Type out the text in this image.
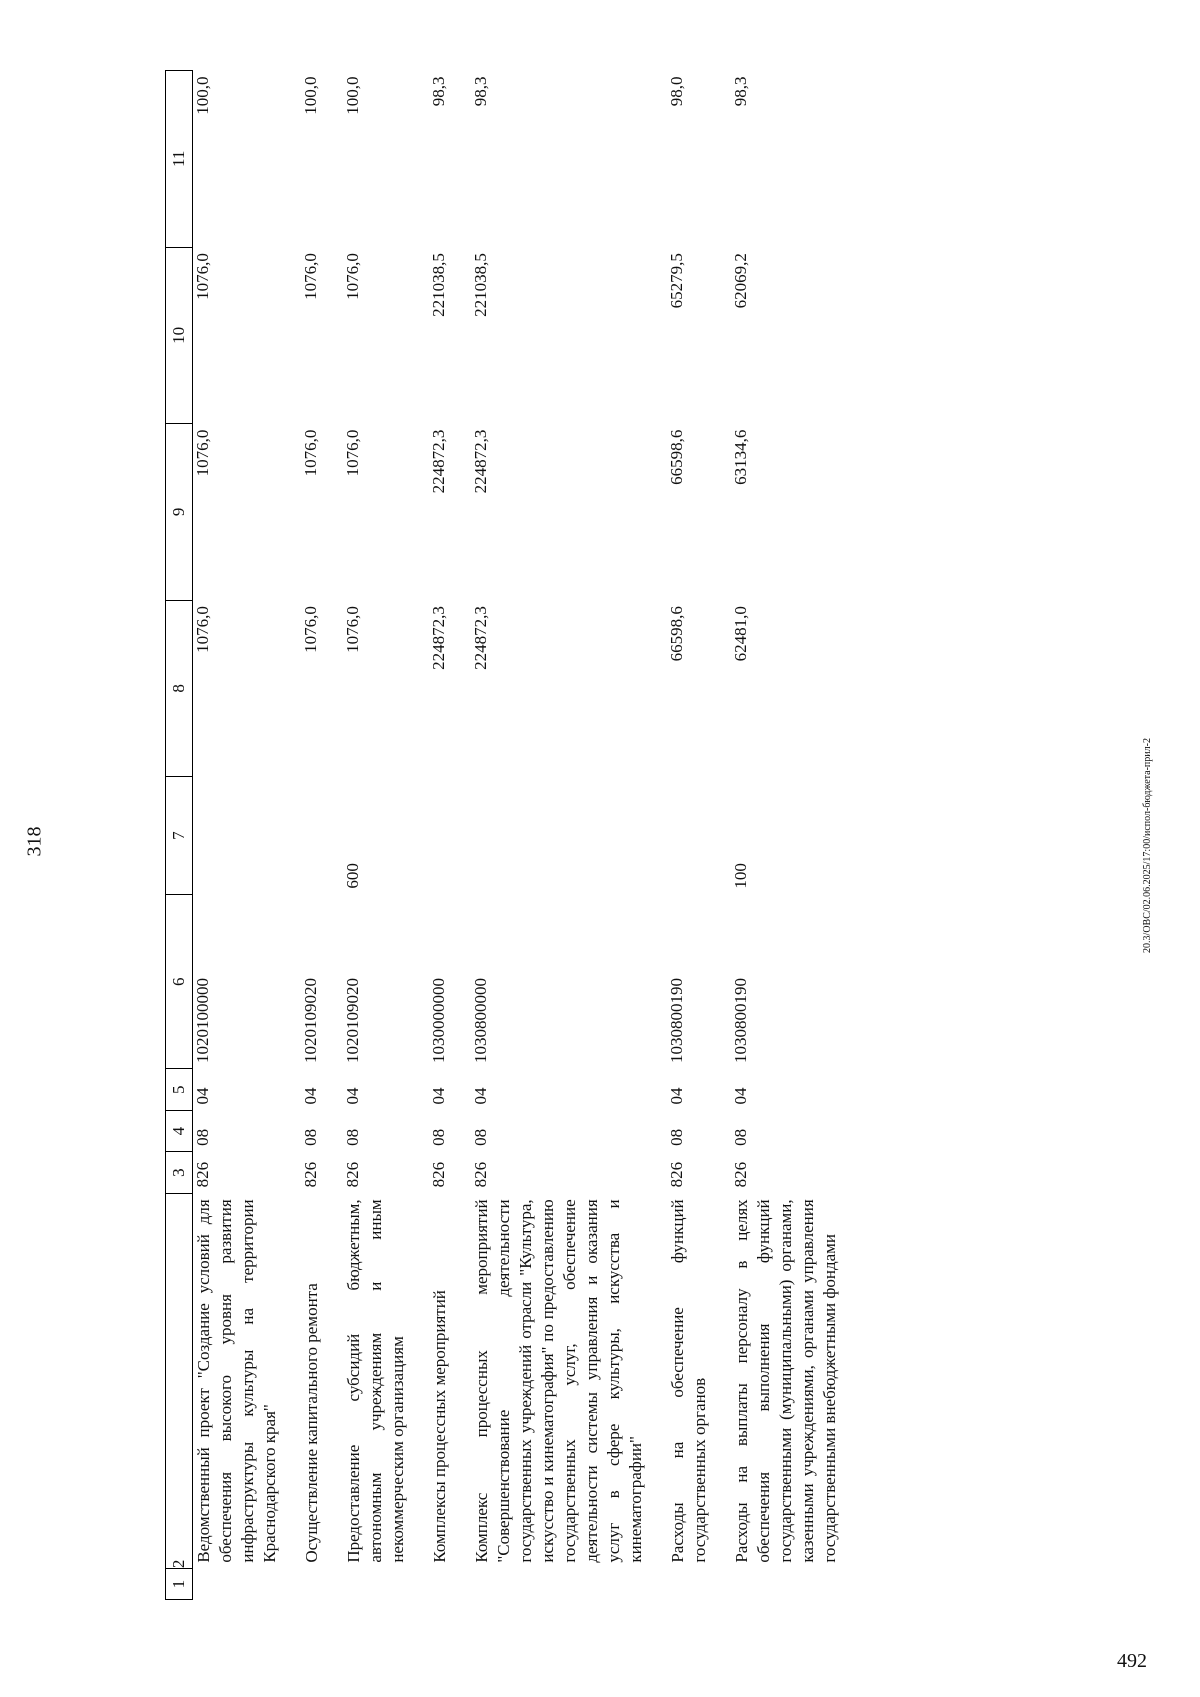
318
492
20.3/OBC/02.06.2025/17:00/испол-бюджета-прил-2
1	2	3	4	5	6	7	8	9	10	11
	Ведомственный проект "Создание условий для обеспечения высокого уровня развития инфраструктуры культуры на территории Краснодарского края"	826	08	04	1020100000		1076,0	1076,0	1076,0	100,0

	Осуществление капитального ремонта	826	08	04	1020109020		1076,0	1076,0	1076,0	100,0

	Предоставление субсидий бюджетным, автономным учреждениям и иным некоммерческим организациям	826	08	04	1020109020	600	1076,0	1076,0	1076,0	100,0

	Комплексы процессных мероприятий	826	08	04	1030000000		224872,3	224872,3	221038,5	98,3

	Комплекс процессных мероприятий "Совершенствование деятельности государственных учреждений отрасли "Культура, искусство и кинематография" по предоставлению государственных услуг, обеспечение деятельности системы управления и оказания услуг в сфере культуры, искусства и кинематографии"	826	08	04	1030800000		224872,3	224872,3	221038,5	98,3

	Расходы на обеспечение функций государственных органов	826	08	04	1030800190		66598,6	66598,6	65279,5	98,0

	Расходы на выплаты персоналу в целях обеспечения выполнения функций государственными (муниципальными) органами, казенными учреждениями, органами управления государственными внебюджетными фондами	826	08	04	1030800190	100	62481,0	63134,6	62069,2	98,3
